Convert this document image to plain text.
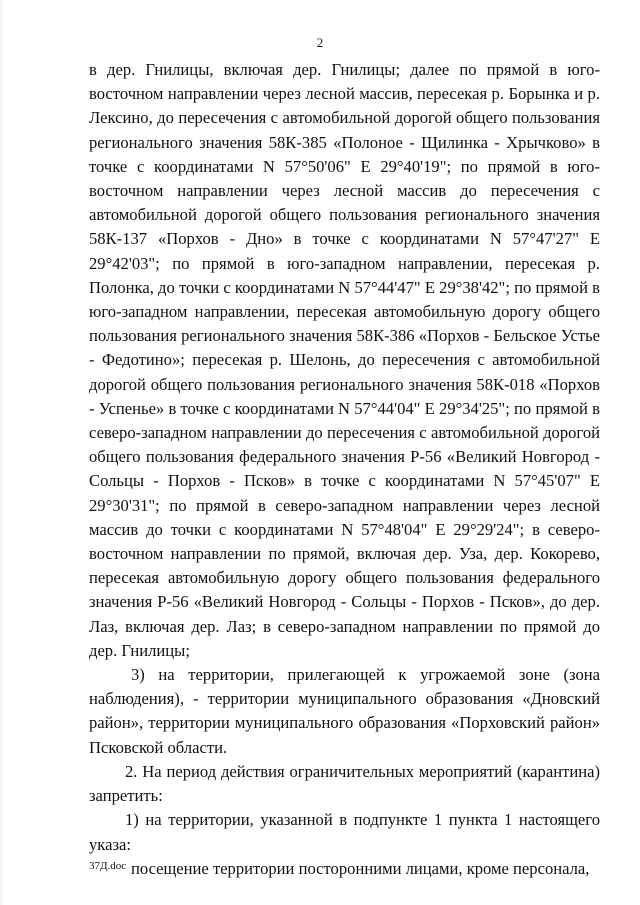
2

в дер. Гнилицы, включая дер. Гнилицы; далее по прямой в юго-восточном направлении через лесной массив, пересекая р. Борынка и р. Лексино, до пересечения с автомобильной дорогой общего пользования регионального значения 58К-385 «Полоное - Щилинка - Хрычково» в точке с координатами N 57°50'06" E 29°40'19"; по прямой в юго-восточном направлении через лесной массив до пересечения с автомобильной дорогой общего пользования регионального значения 58К-137 «Порхов - Дно» в точке с координатами N 57°47'27" E 29°42'03"; по прямой в юго-западном направлении, пересекая р. Полонка, до точки с координатами N 57°44'47" E 29°38'42"; по прямой в юго-западном направлении, пересекая автомобильную дорогу общего пользования регионального значения 58К-386 «Порхов - Бельское Устье - Федотино»; пересекая р. Шелонь, до пересечения с автомобильной дорогой общего пользования регионального значения 58К-018 «Порхов - Успенье» в точке с координатами N 57°44'04" E 29°34'25"; по прямой в северо-западном направлении до пересечения с автомобильной дорогой общего пользования федерального значения Р-56 «Великий Новгород - Сольцы - Порхов - Псков» в точке с координатами N 57°45'07" E 29°30'31"; по прямой в северо-западном направлении через лесной массив до точки с координатами N 57°48'04" E 29°29'24"; в северо-восточном направлении по прямой, включая дер. Уза, дер. Кокорево, пересекая автомобильную дорогу общего пользования федерального значения Р-56 «Великий Новгород - Сольцы - Порхов - Псков», до дер. Лаз, включая дер. Лаз; в северо-западном направлении по прямой до дер. Гнилицы;

3) на территории, прилегающей к угрожаемой зоне (зона наблюдения), - территории муниципального образования «Дновский район», территории муниципального образования «Порховский район» Псковской области.

2. На период действия ограничительных мероприятий (карантина) запретить:

1) на территории, указанной в подпункте 1 пункта 1 настоящего указа:

посещение территории посторонними лицами, кроме персонала,

37Д.doc
